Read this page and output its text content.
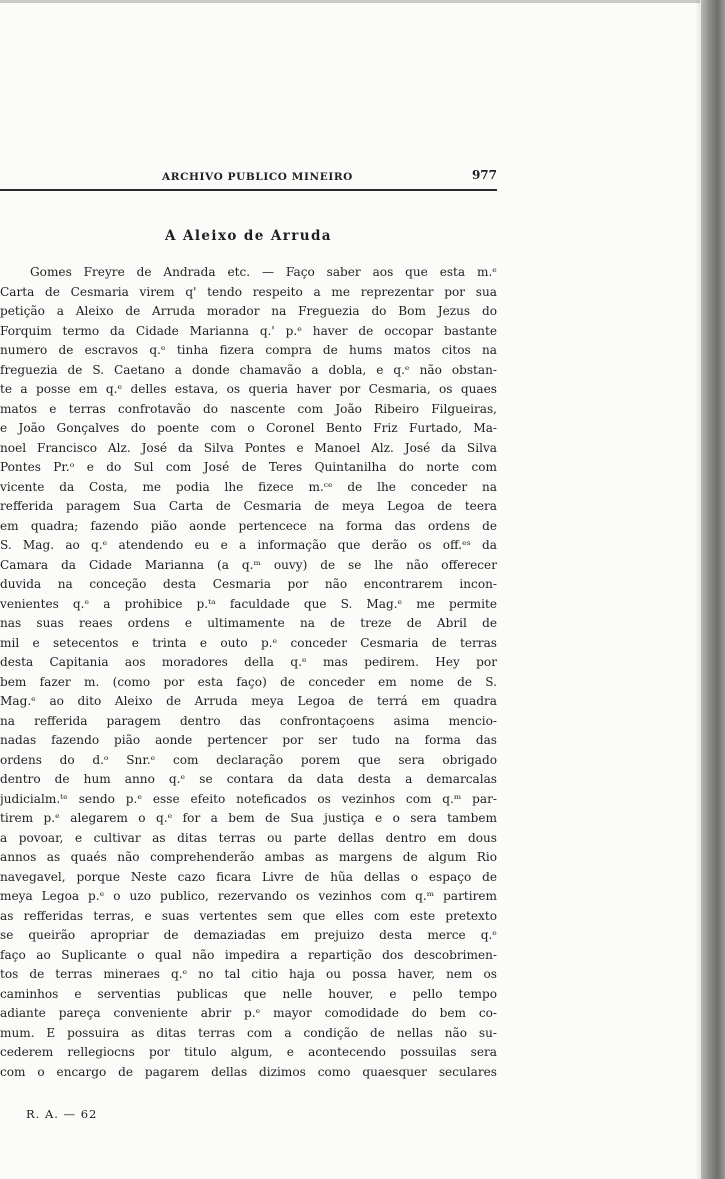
ARCHIVO PUBLICO MINEIRO	977
A Aleixo de Arruda
Gomes Freyre de Andrada etc. — Faço saber aos que esta m.ᵉ
Carta de Cesmaria virem q' tendo respeito a me reprezentar por sua
petição a Aleixo de Arruda morador na Freguezia do Bom Jezus do
Forquim termo da Cidade Marianna q.' p.ᵉ haver de occopar bastante
numero de escravos q.ᵉ tinha fizera compra de hums matos citos na
freguezia de S. Caetano a donde chamavão a dobla, e q.ᵉ não obstan-
te a posse em q.ᵉ delles estava, os queria haver por Cesmaria, os quaes
matos e terras confrotavão do nascente com João Ribeiro Filgueiras,
e João Gonçalves do poente com o Coronel Bento Friz Furtado, Ma-
noel Francisco Alz. José da Silva Pontes e Manoel Alz. José da Silva
Pontes Pr.ᵒ e do Sul com José de Teres Quintanilha do norte com
vicente da Costa, me podia lhe fizece m.ᶜᵉ de lhe conceder na
refferida paragem Sua Carta de Cesmaria de meya Legoa de teera
em quadra; fazendo pião aonde pertencece na forma das ordens de
S. Mag. ao q.ᵉ atendendo eu e a informação que derão os off.ᵉˢ da
Camara da Cidade Marianna (a q.ᵐ ouvy) de se lhe não offerecer
duvida na conceção desta Cesmaria por não encontrarem incon-
venientes q.ᵉ a prohibice p.ᵗᵃ faculdade que S. Mag.ᵉ me permite
nas suas reaes ordens e ultimamente na de treze de Abril de
mil e setecentos e trinta e outo p.ᵉ conceder Cesmaria de terras
desta Capitania aos moradores della q.ᵉ mas pedirem. Hey por
bem fazer m. (como por esta faço) de conceder em nome de S.
Mag.ᵉ ao dito Aleixo de Arruda meya Legoa de terrá em quadra
na refferida paragem dentro das confrontaçoens asima mencio-
nadas fazendo pião aonde pertencer por ser tudo na forma das
ordens do d.ᵒ Snr.ᵉ com declaração porem que sera obrigado
dentro de hum anno q.ᵉ se contara da data desta a demarcalas
judicialm.ᵗᵉ sendo p.ᵉ esse efeito noteficados os vezinhos com q.ᵐ par-
tirem p.ᵉ alegarem o q.ᵉ for a bem de Sua justiça e o sera tambem
a povoar, e cultivar as ditas terras ou parte dellas dentro em dous
annos as quaés não comprehenderão ambas as margens de algum Rio
navegavel, porque Neste cazo ficara Livre de hũa dellas o espaço de
meya Legoa p.ᵉ o uzo publico, rezervando os vezinhos com q.ᵐ partirem
as refferidas terras, e suas vertentes sem que elles com este pretexto
se queirão apropriar de demaziadas em prejuizo desta merce q.ᵉ
faço ao Suplicante o qual não impedira a repartição dos descobrimen-
tos de terras mineraes q.ᵉ no tal citio haja ou possa haver, nem os
caminhos e serventias publicas que nelle houver, e pello tempo
adiante pareça conveniente abrir p.ᵉ mayor comodidade do bem co-
mum. E possuira as ditas terras com a condição de nellas não su-
cederem rellegiocns por titulo algum, e acontecendo possuilas sera
com o encargo de pagarem dellas dizimos como quaesquer seculares
R. A. — 62
